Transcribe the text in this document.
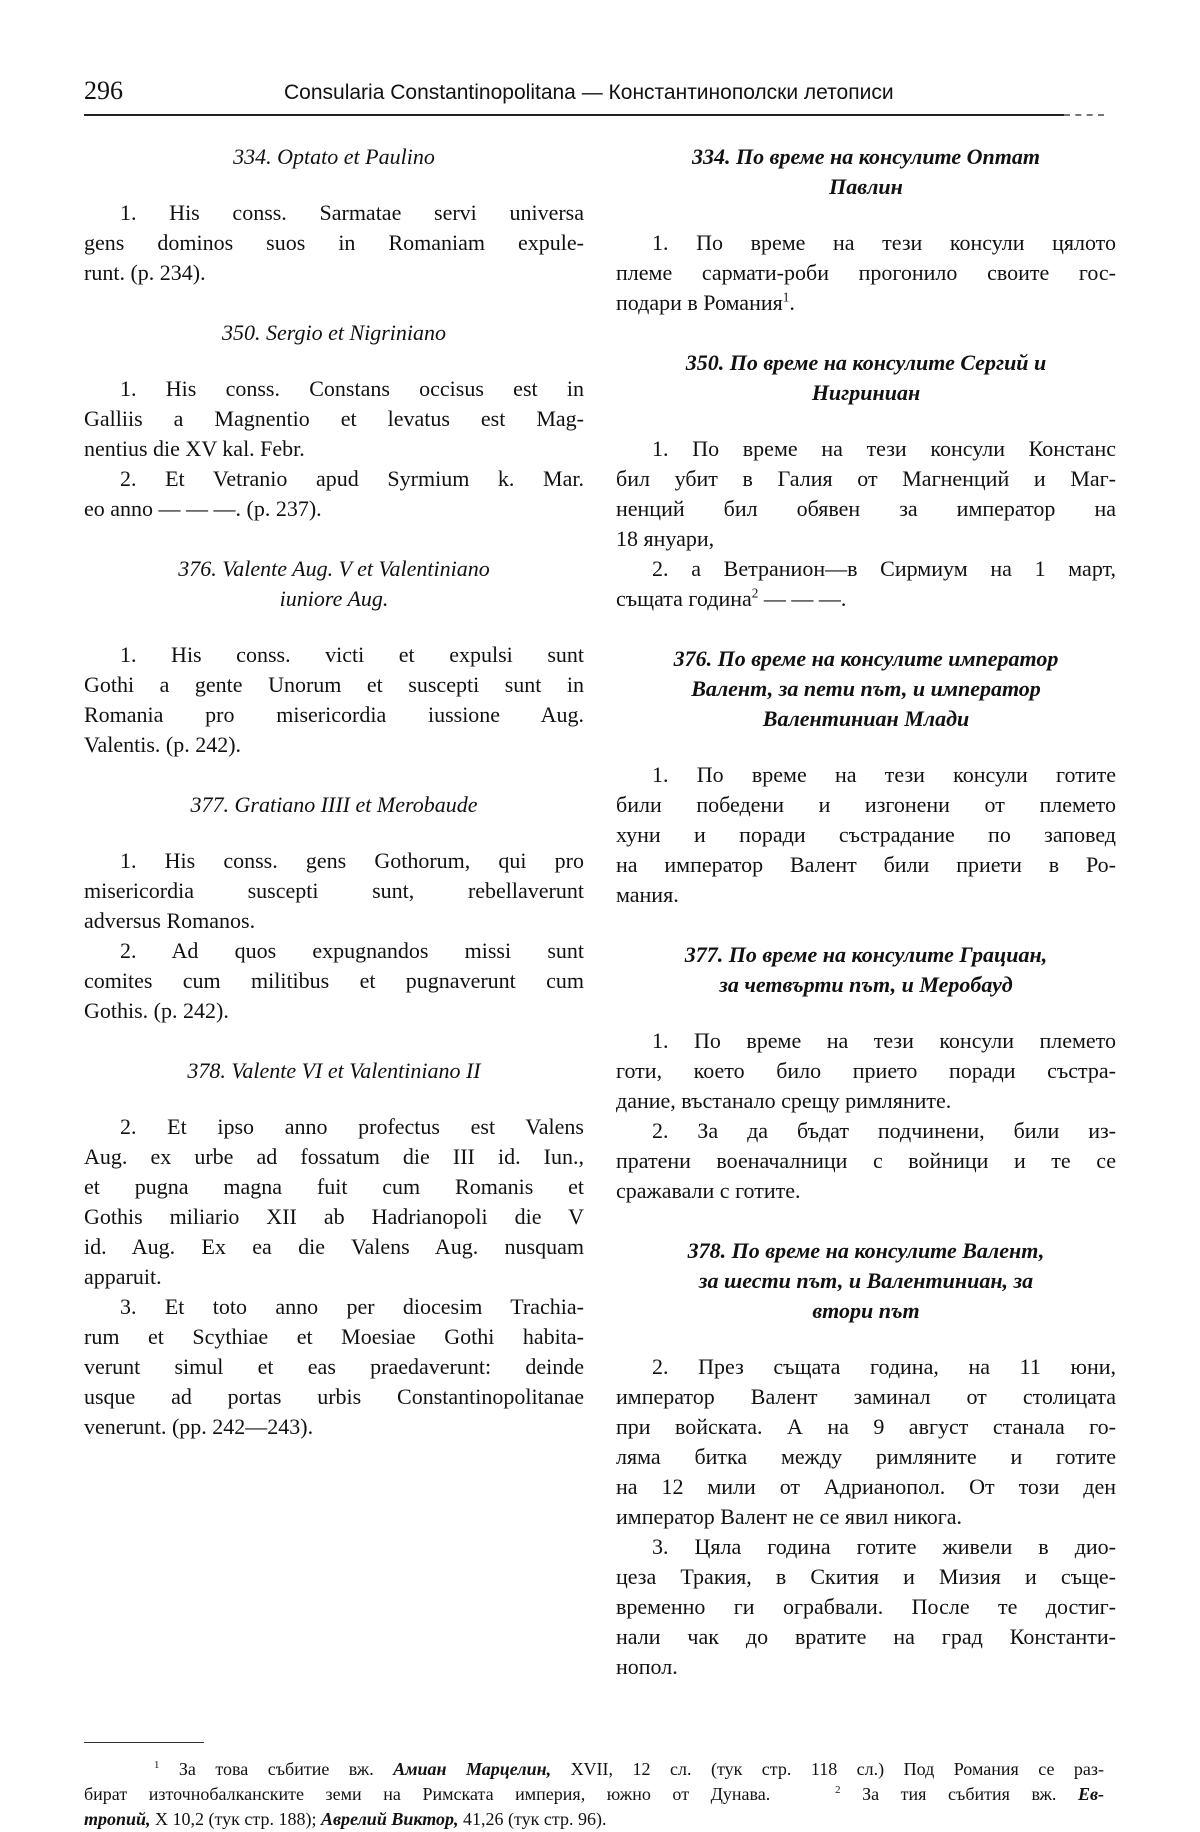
296	Consularia Constantinopolitana — Константинополски летописи

334. Optato et Paulino

1. His conss. Sarmatae servi universa
gens dominos suos in Romaniam expule-
runt. (p. 234).

350. Sergio et Nigriniano

1. His conss. Constans occisus est in
Galliis a Magnentio et levatus est Mag-
nentius die XV kal. Febr.
2. Et Vetranio apud Syrmium k. Mar.
eo anno — — —. (p. 237).

376. Valente Aug. V et Valentiniano
iuniore Aug.

1. His conss. victi et expulsi sunt
Gothi a gente Unorum et suscepti sunt in
Romania pro misericordia iussione Aug.
Valentis. (p. 242).

377. Gratiano IIII et Merobaude

1. His conss. gens Gothorum, qui pro
misericordia suscepti sunt, rebellaverunt
adversus Romanos.
2. Ad quos expugnandos missi sunt
comites cum militibus et pugnaverunt cum
Gothis. (p. 242).

378. Valente VI et Valentiniano II

2. Et ipso anno profectus est Valens
Aug. ex urbe ad fossatum die III id. Iun.,
et pugna magna fuit cum Romanis et
Gothis miliario XII ab Hadrianopoli die V
id. Aug. Ex ea die Valens Aug. nusquam
apparuit.
3. Et toto anno per diocesim Trachia-
rum et Scythiae et Moesiae Gothi habita-
verunt simul et eas praedaverunt: deinde
usque ad portas urbis Constantinopolitanae
venerunt. (pp. 242—243).

334. По време на консулите Оптат
Павлин

1. По време на тези консули цялото
племе сармати-роби прогонило своите гос-
подари в Романия$^1$.

350. По време на консулите Сергий и
Нигриниан

1. По време на тези консули Констанс
бил убит в Галия от Магненций и Маг-
ненций бил обявен за император на
18 януари,
2. а Ветранион—в Сирмиум на 1 март,
същата година$^2$ — — —.

376. По време на консулите император
Валент, за пети път, и император
Валентиниан Млади

1. По време на тези консули готите
били победени и изгонени от племето
хуни и поради състрадание по заповед
на император Валент били приети в Ро-
мания.

377. По време на консулите Грациан,
за четвърти път, и Меробауд

1. По време на тези консули племето
готи, което било прието поради състра-
дание, въстанало срещу римляните.
2. За да бъдат подчинени, били из-
пратени военачалници с войници и те се
сражавали с готите.

378. По време на консулите Валент,
за шести път, и Валентиниан, за
втори път

2. През същата година, на 11 юни,
император Валент заминал от столицата
при войската. А на 9 август станала го-
ляма битка между римляните и готите
на 12 мили от Адрианопол. От този ден
император Валент не се явил никога.
3. Цяла година готите живели в дио-
цеза Тракия, в Скития и Мизия и съще-
временно ги ограбвали. После те достиг-
нали чак до вратите на град Константи-
нопол.

$^1$ За това събитие вж. Амиан Марцелин, XVII, 12 сл. (тук стр. 118 сл.) Под Романия се раз-
бират източнобалканските земи на Римската империя, южно от Дунава.	$^2$ За тия събития вж. Ев-
тропий, X 10,2 (тук стр. 188); Аврелий Виктор, 41,26 (тук стр. 96).
